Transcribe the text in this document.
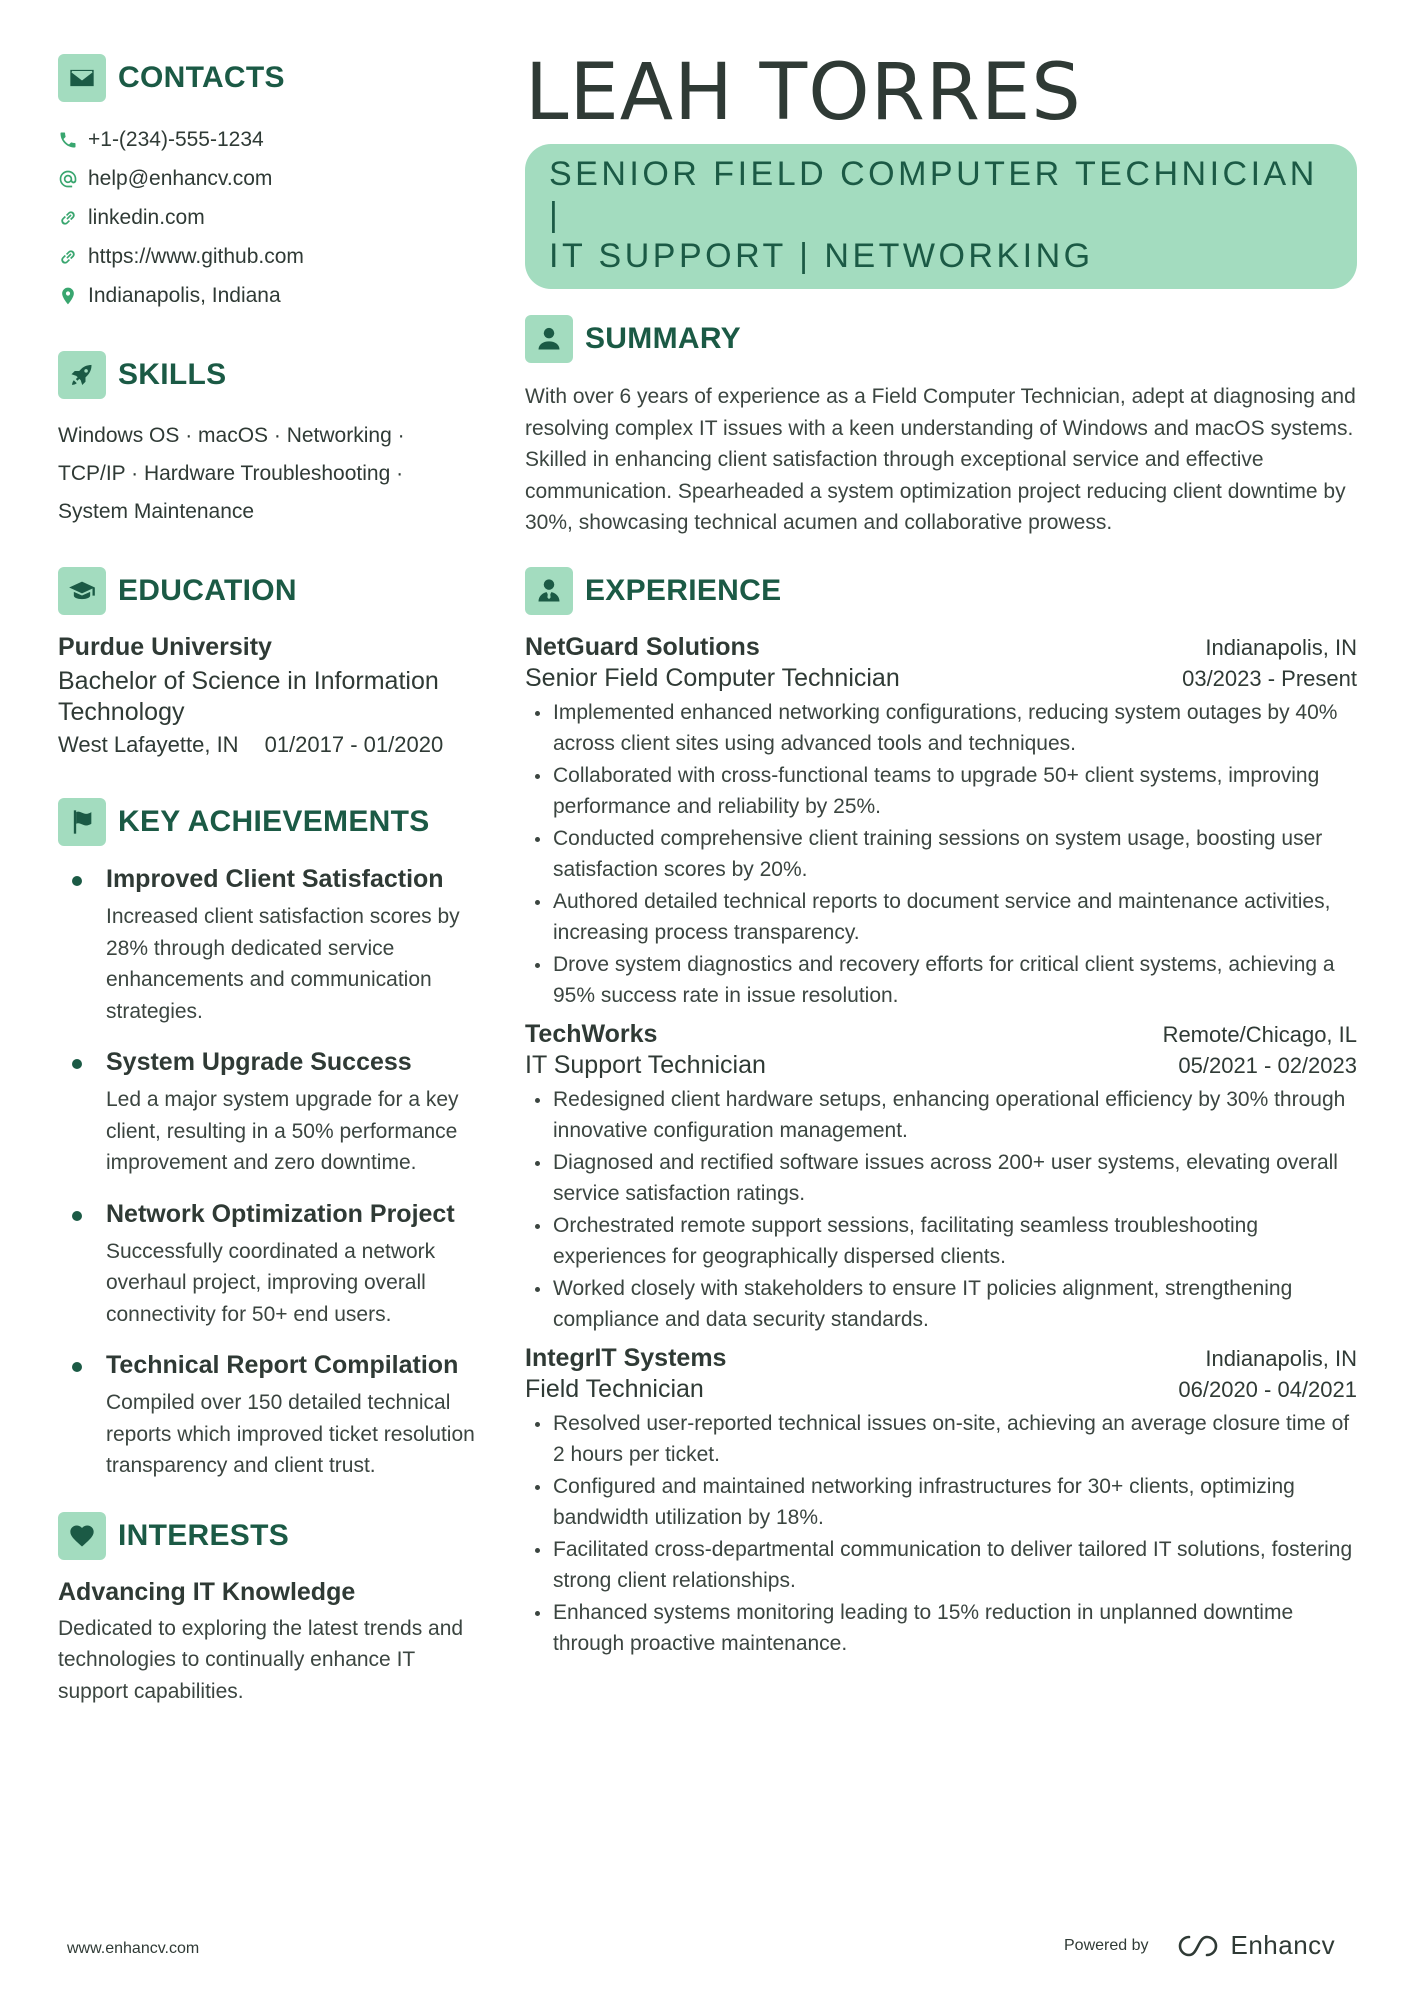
CONTACTS
+1-(234)-555-1234
help@enhancv.com
linkedin.com
https://www.github.com
Indianapolis, Indiana
SKILLS
Windows OS · macOS · Networking ·
TCP/IP · Hardware Troubleshooting ·
System Maintenance
EDUCATION
Purdue University
Bachelor of Science in Information Technology
West Lafayette, IN 01/2017 - 01/2020
KEY ACHIEVEMENTS
Improved Client Satisfaction
Increased client satisfaction scores by 28% through dedicated service enhancements and communication strategies.
System Upgrade Success
Led a major system upgrade for a key client, resulting in a 50% performance improvement and zero downtime.
Network Optimization Project
Successfully coordinated a network overhaul project, improving overall connectivity for 50+ end users.
Technical Report Compilation
Compiled over 150 detailed technical reports which improved ticket resolution transparency and client trust.
INTERESTS
Advancing IT Knowledge
Dedicated to exploring the latest trends and technologies to continually enhance IT support capabilities.
LEAH TORRES
SENIOR FIELD COMPUTER TECHNICIAN |
IT SUPPORT | NETWORKING
SUMMARY
With over 6 years of experience as a Field Computer Technician, adept at diagnosing and resolving complex IT issues with a keen understanding of Windows and macOS systems. Skilled in enhancing client satisfaction through exceptional service and effective communication. Spearheaded a system optimization project reducing client downtime by 30%, showcasing technical acumen and collaborative prowess.
EXPERIENCE
NetGuard Solutions	Indianapolis, IN
Senior Field Computer Technician	03/2023 - Present
Implemented enhanced networking configurations, reducing system outages by 40% across client sites using advanced tools and techniques.
Collaborated with cross-functional teams to upgrade 50+ client systems, improving performance and reliability by 25%.
Conducted comprehensive client training sessions on system usage, boosting user satisfaction scores by 20%.
Authored detailed technical reports to document service and maintenance activities, increasing process transparency.
Drove system diagnostics and recovery efforts for critical client systems, achieving a 95% success rate in issue resolution.
TechWorks	Remote/Chicago, IL
IT Support Technician	05/2021 - 02/2023
Redesigned client hardware setups, enhancing operational efficiency by 30% through innovative configuration management.
Diagnosed and rectified software issues across 200+ user systems, elevating overall service satisfaction ratings.
Orchestrated remote support sessions, facilitating seamless troubleshooting experiences for geographically dispersed clients.
Worked closely with stakeholders to ensure IT policies alignment, strengthening compliance and data security standards.
IntegrIT Systems	Indianapolis, IN
Field Technician	06/2020 - 04/2021
Resolved user-reported technical issues on-site, achieving an average closure time of 2 hours per ticket.
Configured and maintained networking infrastructures for 30+ clients, optimizing bandwidth utilization by 18%.
Facilitated cross-departmental communication to deliver tailored IT solutions, fostering strong client relationships.
Enhanced systems monitoring leading to 15% reduction in unplanned downtime through proactive maintenance.
www.enhancv.com	Powered by	Enhancv
